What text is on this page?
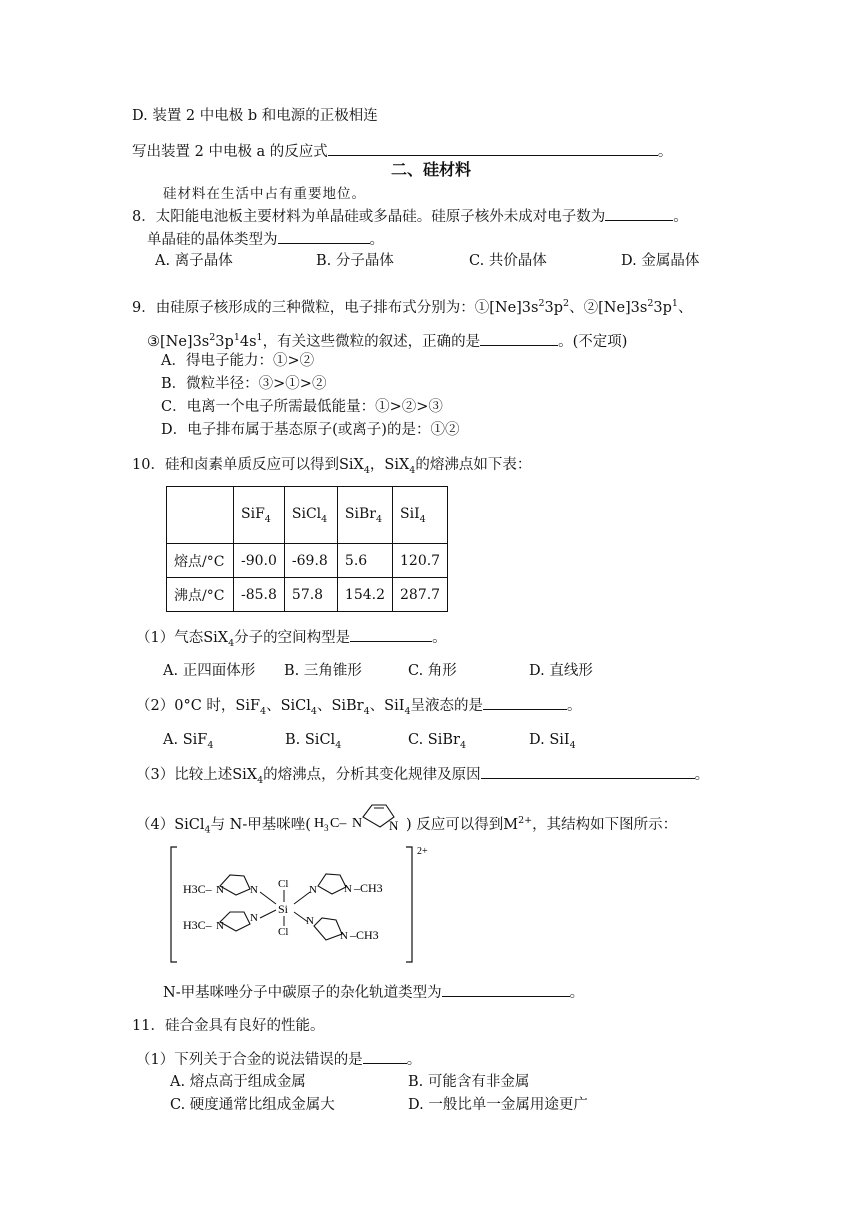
D. 装置 2 中电极 b 和电源的正极相连
写出装置 2 中电极 a 的反应式	。
二、硅材料
硅材料在生活中占有重要地位。
8．太阳能电池板主要材料为单晶硅或多晶硅。硅原子核外未成对电子数为	。
单晶硅的晶体类型为	。
A. 离子晶体	B. 分子晶体	C. 共价晶体	D. 金属晶体
9．由硅原子核形成的三种微粒，电子排布式分别为：$①[Ne]3s^23p^2$、$②[Ne]3s^23p^1$、
$③[Ne]3s^23p^14s^1$，有关这些微粒的叙述，正确的是	。(不定项)
A．得电子能力：①>②
B．微粒半径：③>①>②
C．电离一个电子所需最低能量：①>②>③
D．电子排布属于基态原子(或离子)的是：①②
10．硅和卤素单质反应可以得到SiX$_4$，SiX$_4$的熔沸点如下表：
	SiF$_4$	SiCl$_4$	SiBr$_4$	SiI$_4$
熔点/°C	-90.0	-69.8	5.6	120.7
沸点/°C	-85.8	57.8	154.2	287.7
（1）气态SiX$_4$分子的空间构型是	。
A. 正四面体形 B. 三角锥形	C. 角形	D. 直线形
（2）0°C 时，SiF$_4$、SiCl$_4$、SiBr$_4$、SiI$_4$呈液态的是	。
A. SiF$_4$	B. SiCl$_4$	C. SiBr$_4$	D. SiI$_4$
（3）比较上述SiX$_4$的熔沸点，分析其变化规律及原因	。
（4）SiCl$_4$与 N-甲基咪唑(	) 反应可以得到$M^{2+}$，其结构如下图所示：
H 3 C– N N
2+
H3C– N N
H3C– N
N
Cl
Si
Cl
N N –CH3
N
N –CH3
N-甲基咪唑分子中碳原子的杂化轨道类型为	。
11．硅合金具有良好的性能。
（1）下列关于合金的说法错误的是	。
A. 熔点高于组成金属	B. 可能含有非金属
C. 硬度通常比组成金属大	D. 一般比单一金属用途更广
